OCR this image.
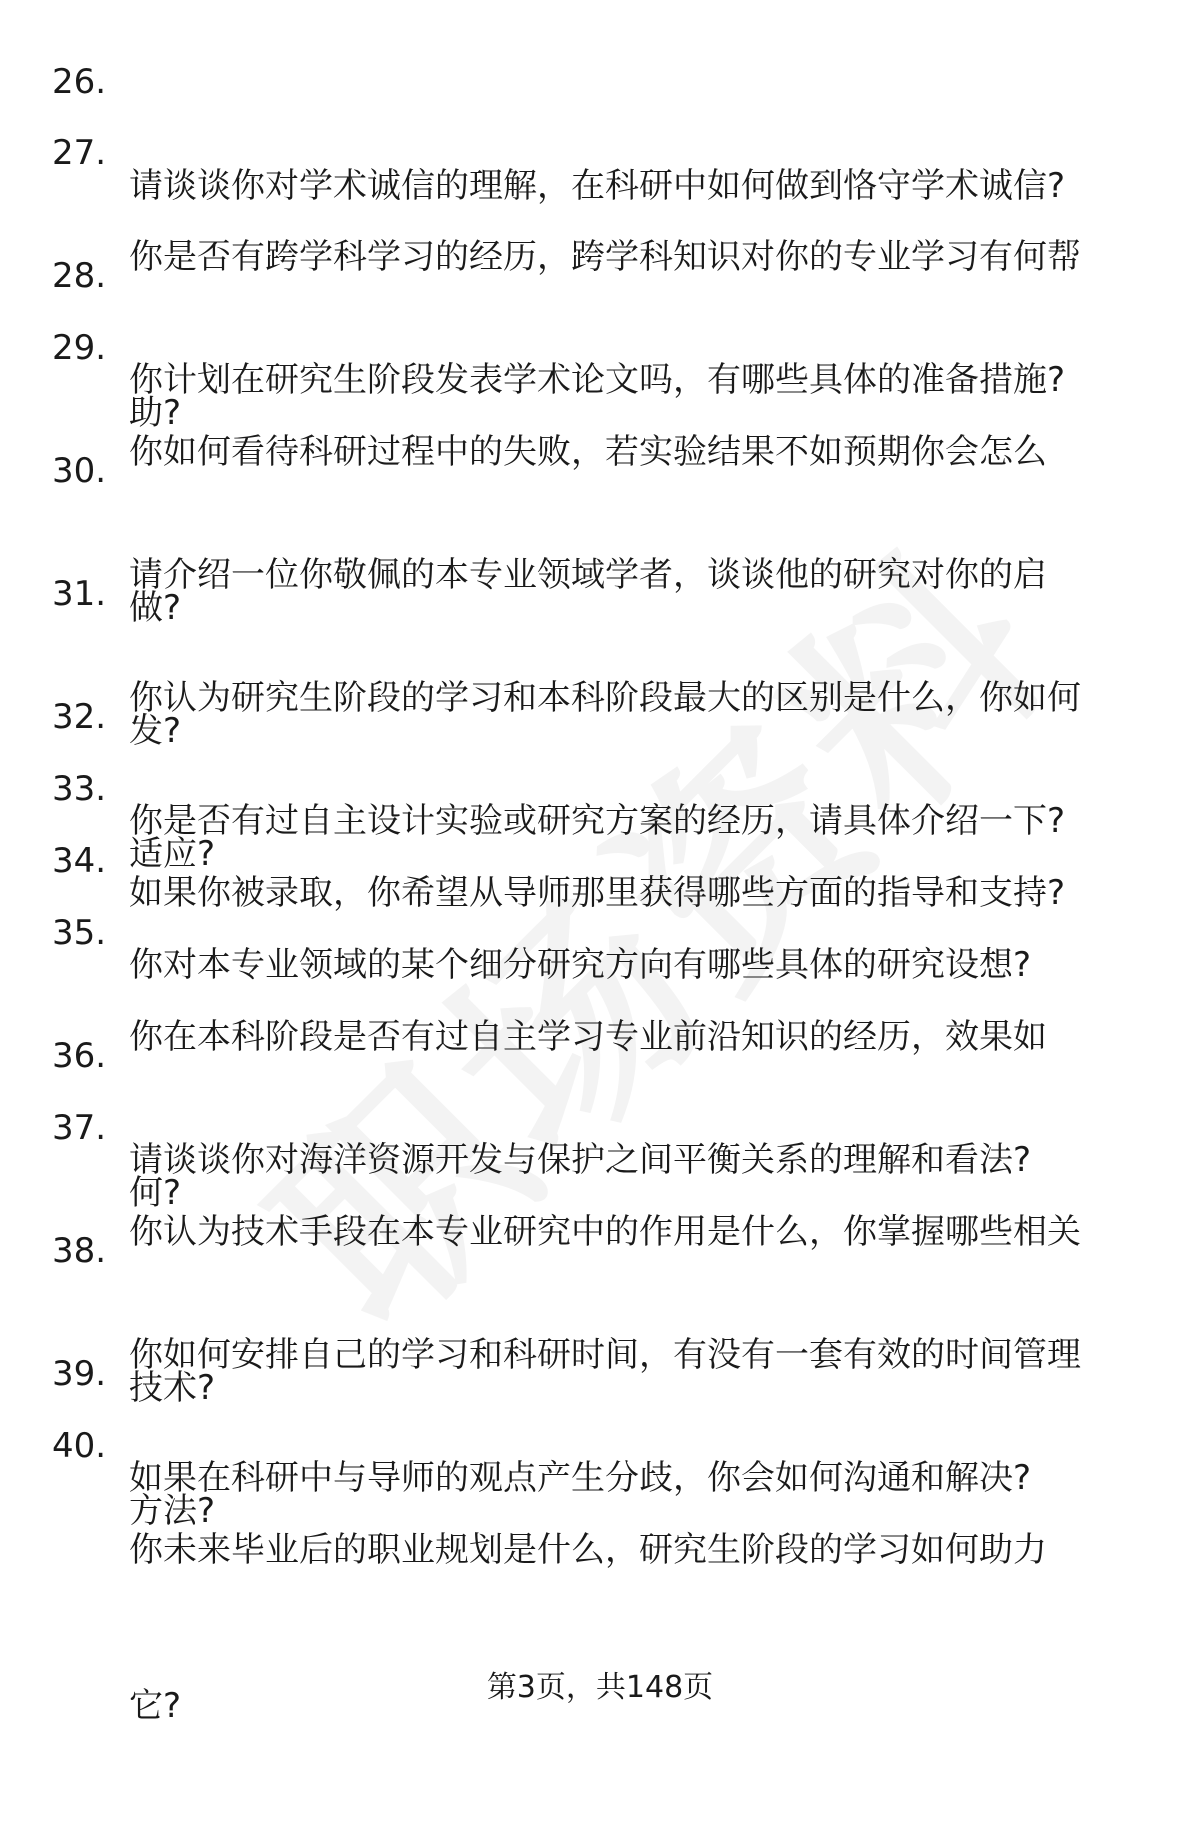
26.

请谈谈你对学术诚信的理解，在科研中如何做到恪守学术诚信?

27.

你是否有跨学科学习的经历，跨学科知识对你的专业学习有何帮

助?

28.

你计划在研究生阶段发表学术论文吗，有哪些具体的准备措施?

29.

你如何看待科研过程中的失败，若实验结果不如预期你会怎么

做?

30.

请介绍一位你敬佩的本专业领域学者，谈谈他的研究对你的启

发?

31.

你认为研究生阶段的学习和本科阶段最大的区别是什么，你如何

适应?

32.

你是否有过自主设计实验或研究方案的经历，请具体介绍一下?

33.

如果你被录取，你希望从导师那里获得哪些方面的指导和支持?

34.

你对本专业领域的某个细分研究方向有哪些具体的研究设想?

35.

你在本科阶段是否有过自主学习专业前沿知识的经历，效果如

何?

36.

请谈谈你对海洋资源开发与保护之间平衡关系的理解和看法?

37.

你认为技术手段在本专业研究中的作用是什么，你掌握哪些相关

技术?

38.

你如何安排自己的学习和科研时间，有没有一套有效的时间管理

方法?

39.

如果在科研中与导师的观点产生分歧，你会如何沟通和解决?

40.

你未来毕业后的职业规划是什么，研究生阶段的学习如何助力

它?

	第3页，共148页
